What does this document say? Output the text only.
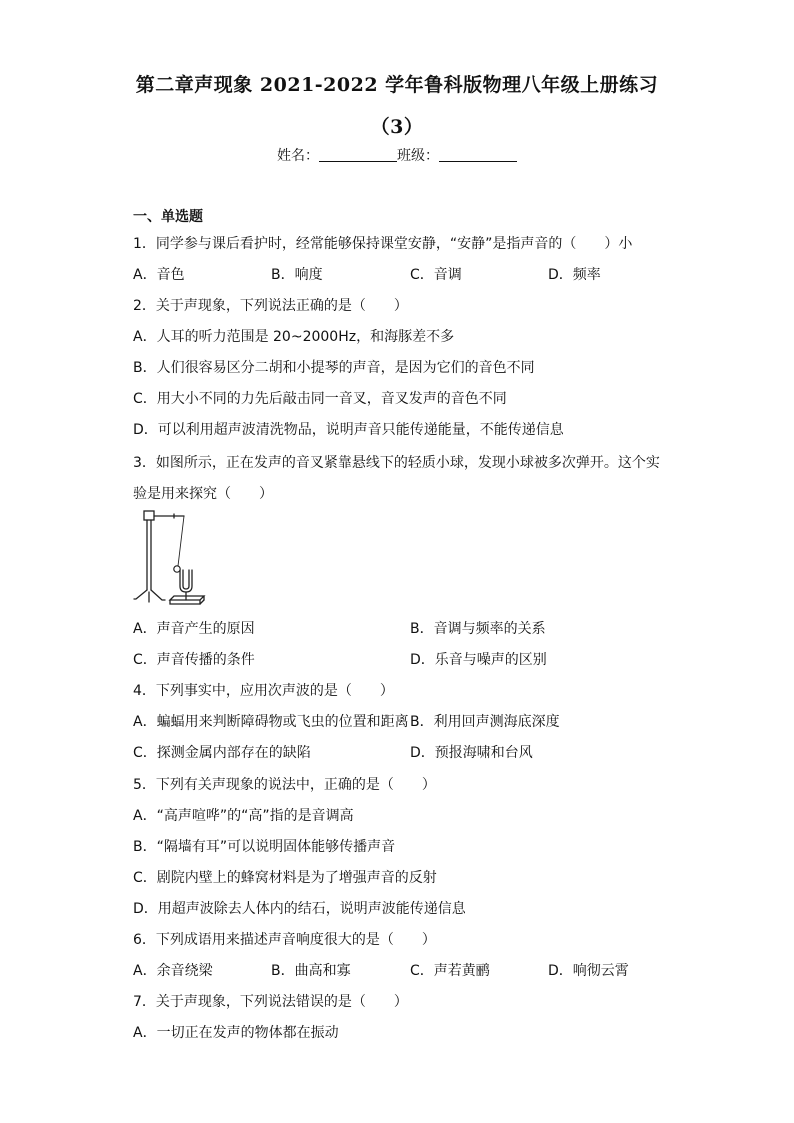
第二章声现象 2021-2022 学年鲁科版物理八年级上册练习
（3）
姓名：	班级：
一、单选题
1．同学参与课后看护时，经常能够保持课堂安静，“安静”是指声音的（　　）小
A．音色	B．响度	C．音调	D．频率
2．关于声现象，下列说法正确的是（　　）
A．人耳的听力范围是 20~2000Hz，和海豚差不多
B．人们很容易区分二胡和小提琴的声音，是因为它们的音色不同
C．用大小不同的力先后敲击同一音叉，音叉发声的音色不同
D．可以利用超声波清洗物品，说明声音只能传递能量，不能传递信息
3．如图所示，正在发声的音叉紧靠悬线下的轻质小球，发现小球被多次弹开。这个实
验是用来探究（　　）
A．声音产生的原因	B．音调与频率的关系
C．声音传播的条件	D．乐音与噪声的区别
4．下列事实中，应用次声波的是（　　）
A．蝙蝠用来判断障碍物或飞虫的位置和距离 B．利用回声测海底深度
C．探测金属内部存在的缺陷	D．预报海啸和台风
5．下列有关声现象的说法中，正确的是（　　）
A．“高声喧哗”的“高”指的是音调高
B．“隔墙有耳”可以说明固体能够传播声音
C．剧院内壁上的蜂窝材料是为了增强声音的反射
D．用超声波除去人体内的结石，说明声波能传递信息
6．下列成语用来描述声音响度很大的是（　　）
A．余音绕梁	B．曲高和寡	C．声若黄鹂	D．响彻云霄
7．关于声现象，下列说法错误的是（　　）
A．一切正在发声的物体都在振动
